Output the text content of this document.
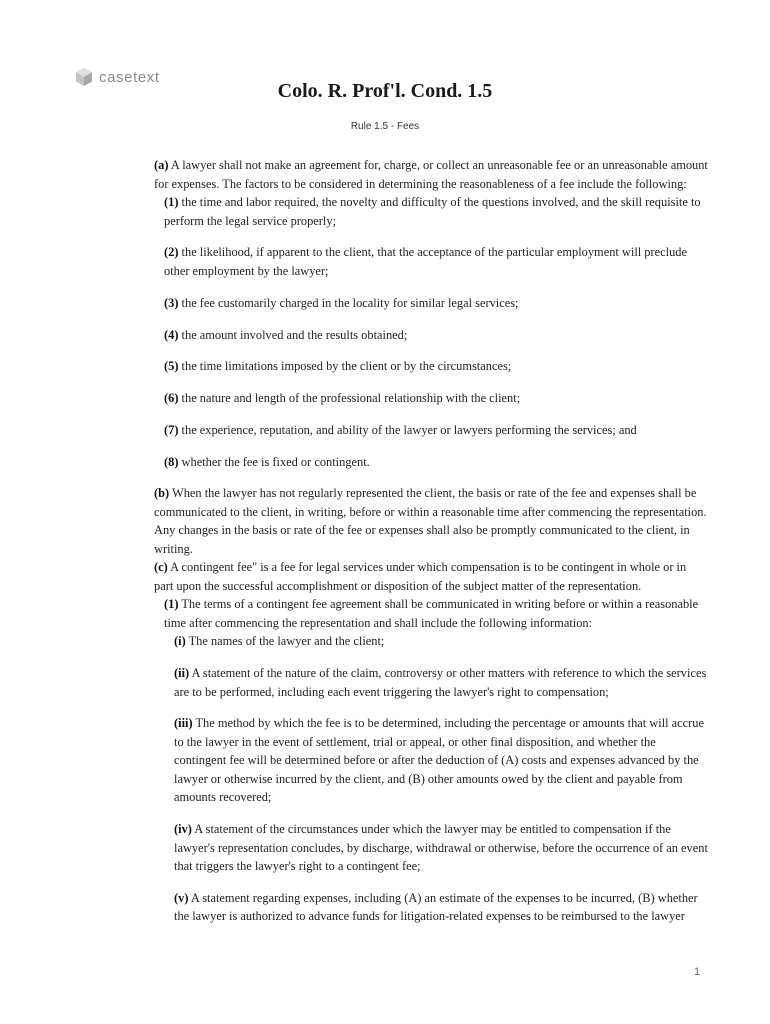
casetext
Colo. R. Prof'l. Cond. 1.5
Rule 1.5 - Fees
(a) A lawyer shall not make an agreement for, charge, or collect an unreasonable fee or an unreasonable amount
for expenses. The factors to be considered in determining the reasonableness of a fee include the following:
(1) the time and labor required, the novelty and difficulty of the questions involved, and the skill requisite to
perform the legal service properly;
(2) the likelihood, if apparent to the client, that the acceptance of the particular employment will preclude
other employment by the lawyer;
(3) the fee customarily charged in the locality for similar legal services;
(4) the amount involved and the results obtained;
(5) the time limitations imposed by the client or by the circumstances;
(6) the nature and length of the professional relationship with the client;
(7) the experience, reputation, and ability of the lawyer or lawyers performing the services; and
(8) whether the fee is fixed or contingent.
(b) When the lawyer has not regularly represented the client, the basis or rate of the fee and expenses shall be
communicated to the client, in writing, before or within a reasonable time after commencing the representation.
Any changes in the basis or rate of the fee or expenses shall also be promptly communicated to the client, in
writing.
(c) A contingent fee" is a fee for legal services under which compensation is to be contingent in whole or in
part upon the successful accomplishment or disposition of the subject matter of the representation.
(1) The terms of a contingent fee agreement shall be communicated in writing before or within a reasonable
time after commencing the representation and shall include the following information:
(i) The names of the lawyer and the client;
(ii) A statement of the nature of the claim, controversy or other matters with reference to which the services
are to be performed, including each event triggering the lawyer's right to compensation;
(iii) The method by which the fee is to be determined, including the percentage or amounts that will accrue
to the lawyer in the event of settlement, trial or appeal, or other final disposition, and whether the
contingent fee will be determined before or after the deduction of (A) costs and expenses advanced by the
lawyer or otherwise incurred by the client, and (B) other amounts owed by the client and payable from
amounts recovered;
(iv) A statement of the circumstances under which the lawyer may be entitled to compensation if the
lawyer's representation concludes, by discharge, withdrawal or otherwise, before the occurrence of an event
that triggers the lawyer's right to a contingent fee;
(v) A statement regarding expenses, including (A) an estimate of the expenses to be incurred, (B) whether
the lawyer is authorized to advance funds for litigation-related expenses to be reimbursed to the lawyer
1
